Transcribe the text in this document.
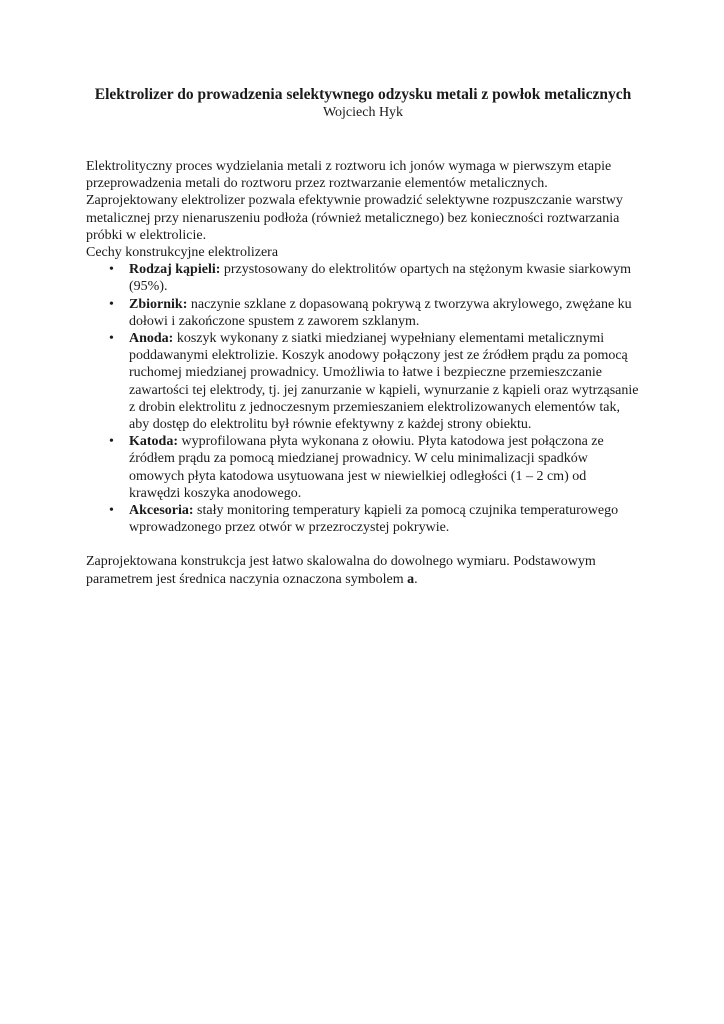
Elektrolizer do prowadzenia selektywnego odzysku metali z powłok metalicznych

Wojciech Hyk

Elektrolityczny proces wydzielania metali z roztworu ich jonów wymaga w pierwszym etapie przeprowadzenia metali do roztworu przez roztwarzanie elementów metalicznych. Zaprojektowany elektrolizer pozwala efektywnie prowadzić selektywne rozpuszczanie warstwy metalicznej przy nienaruszeniu podłoża (również metalicznego) bez konieczności roztwarzania próbki w elektrolicie.

Cechy konstrukcyjne elektrolizera

• Rodzaj kąpieli: przystosowany do elektrolitów opartych na stężonym kwasie siarkowym (95%).
• Zbiornik: naczynie szklane z dopasowaną pokrywą z tworzywa akrylowego, zwężane ku dołowi i zakończone spustem z zaworem szklanym.
• Anoda: koszyk wykonany z siatki miedzianej wypełniany elementami metalicznymi poddawanymi elektrolizie. Koszyk anodowy połączony jest ze źródłem prądu za pomocą ruchomej miedzianej prowadnicy. Umożliwia to łatwe i bezpieczne przemieszczanie zawartości tej elektrody, tj. jej zanurzanie w kąpieli, wynurzanie z kąpieli oraz wytrząsanie z drobin elektrolitu z jednoczesnym przemieszaniem elektrolizowanych elementów tak, aby dostęp do elektrolitu był równie efektywny z każdej strony obiektu.
• Katoda: wyprofilowana płyta wykonana z ołowiu. Płyta katodowa jest połączona ze źródłem prądu za pomocą miedzianej prowadnicy. W celu minimalizacji spadków omowych płyta katodowa usytuowana jest w niewielkiej odległości (1 – 2 cm) od krawędzi koszyka anodowego.
• Akcesoria: stały monitoring temperatury kąpieli za pomocą czujnika temperaturowego wprowadzonego przez otwór w przezroczystej pokrywie.

Zaprojektowana konstrukcja jest łatwo skalowalna do dowolnego wymiaru. Podstawowym parametrem jest średnica naczynia oznaczona symbolem a.
